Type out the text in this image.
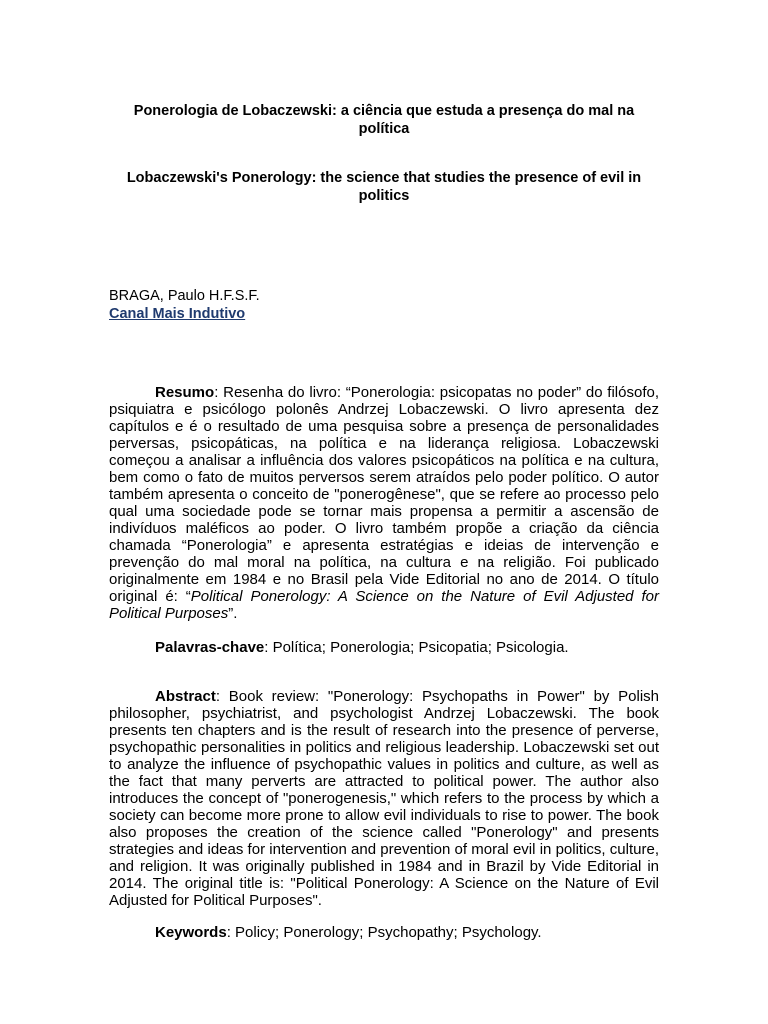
Ponerologia de Lobaczewski: a ciência que estuda a presença do mal na política
Lobaczewski's Ponerology: the science that studies the presence of evil in politics
BRAGA, Paulo H.F.S.F.
Canal Mais Indutivo

Resumo: Resenha do livro: “Ponerologia: psicopatas no poder” do filósofo, psiquiatra e psicólogo polonês Andrzej Lobaczewski. O livro apresenta dez capítulos e é o resultado de uma pesquisa sobre a presença de personalidades perversas, psicopáticas, na política e na liderança religiosa. Lobaczewski começou a analisar a influência dos valores psicopáticos na política e na cultura, bem como o fato de muitos perversos serem atraídos pelo poder político. O autor também apresenta o conceito de "ponerogênese", que se refere ao processo pelo qual uma sociedade pode se tornar mais propensa a permitir a ascensão de indivíduos maléficos ao poder. O livro também propõe a criação da ciência chamada “Ponerologia” e apresenta estratégias e ideias de intervenção e prevenção do mal moral na política, na cultura e na religião. Foi publicado originalmente em 1984 e no Brasil pela Vide Editorial no ano de 2014. O título original é: “Political Ponerology: A Science on the Nature of Evil Adjusted for Political Purposes”.

Palavras-chave: Política; Ponerologia; Psicopatia; Psicologia.

Abstract: Book review: "Ponerology: Psychopaths in Power" by Polish philosopher, psychiatrist, and psychologist Andrzej Lobaczewski. The book presents ten chapters and is the result of research into the presence of perverse, psychopathic personalities in politics and religious leadership. Lobaczewski set out to analyze the influence of psychopathic values in politics and culture, as well as the fact that many perverts are attracted to political power. The author also introduces the concept of "ponerogenesis," which refers to the process by which a society can become more prone to allow evil individuals to rise to power. The book also proposes the creation of the science called "Ponerology" and presents strategies and ideas for intervention and prevention of moral evil in politics, culture, and religion. It was originally published in 1984 and in Brazil by Vide Editorial in 2014. The original title is: "Political Ponerology: A Science on the Nature of Evil Adjusted for Political Purposes".

Keywords: Policy; Ponerology; Psychopathy; Psychology.
